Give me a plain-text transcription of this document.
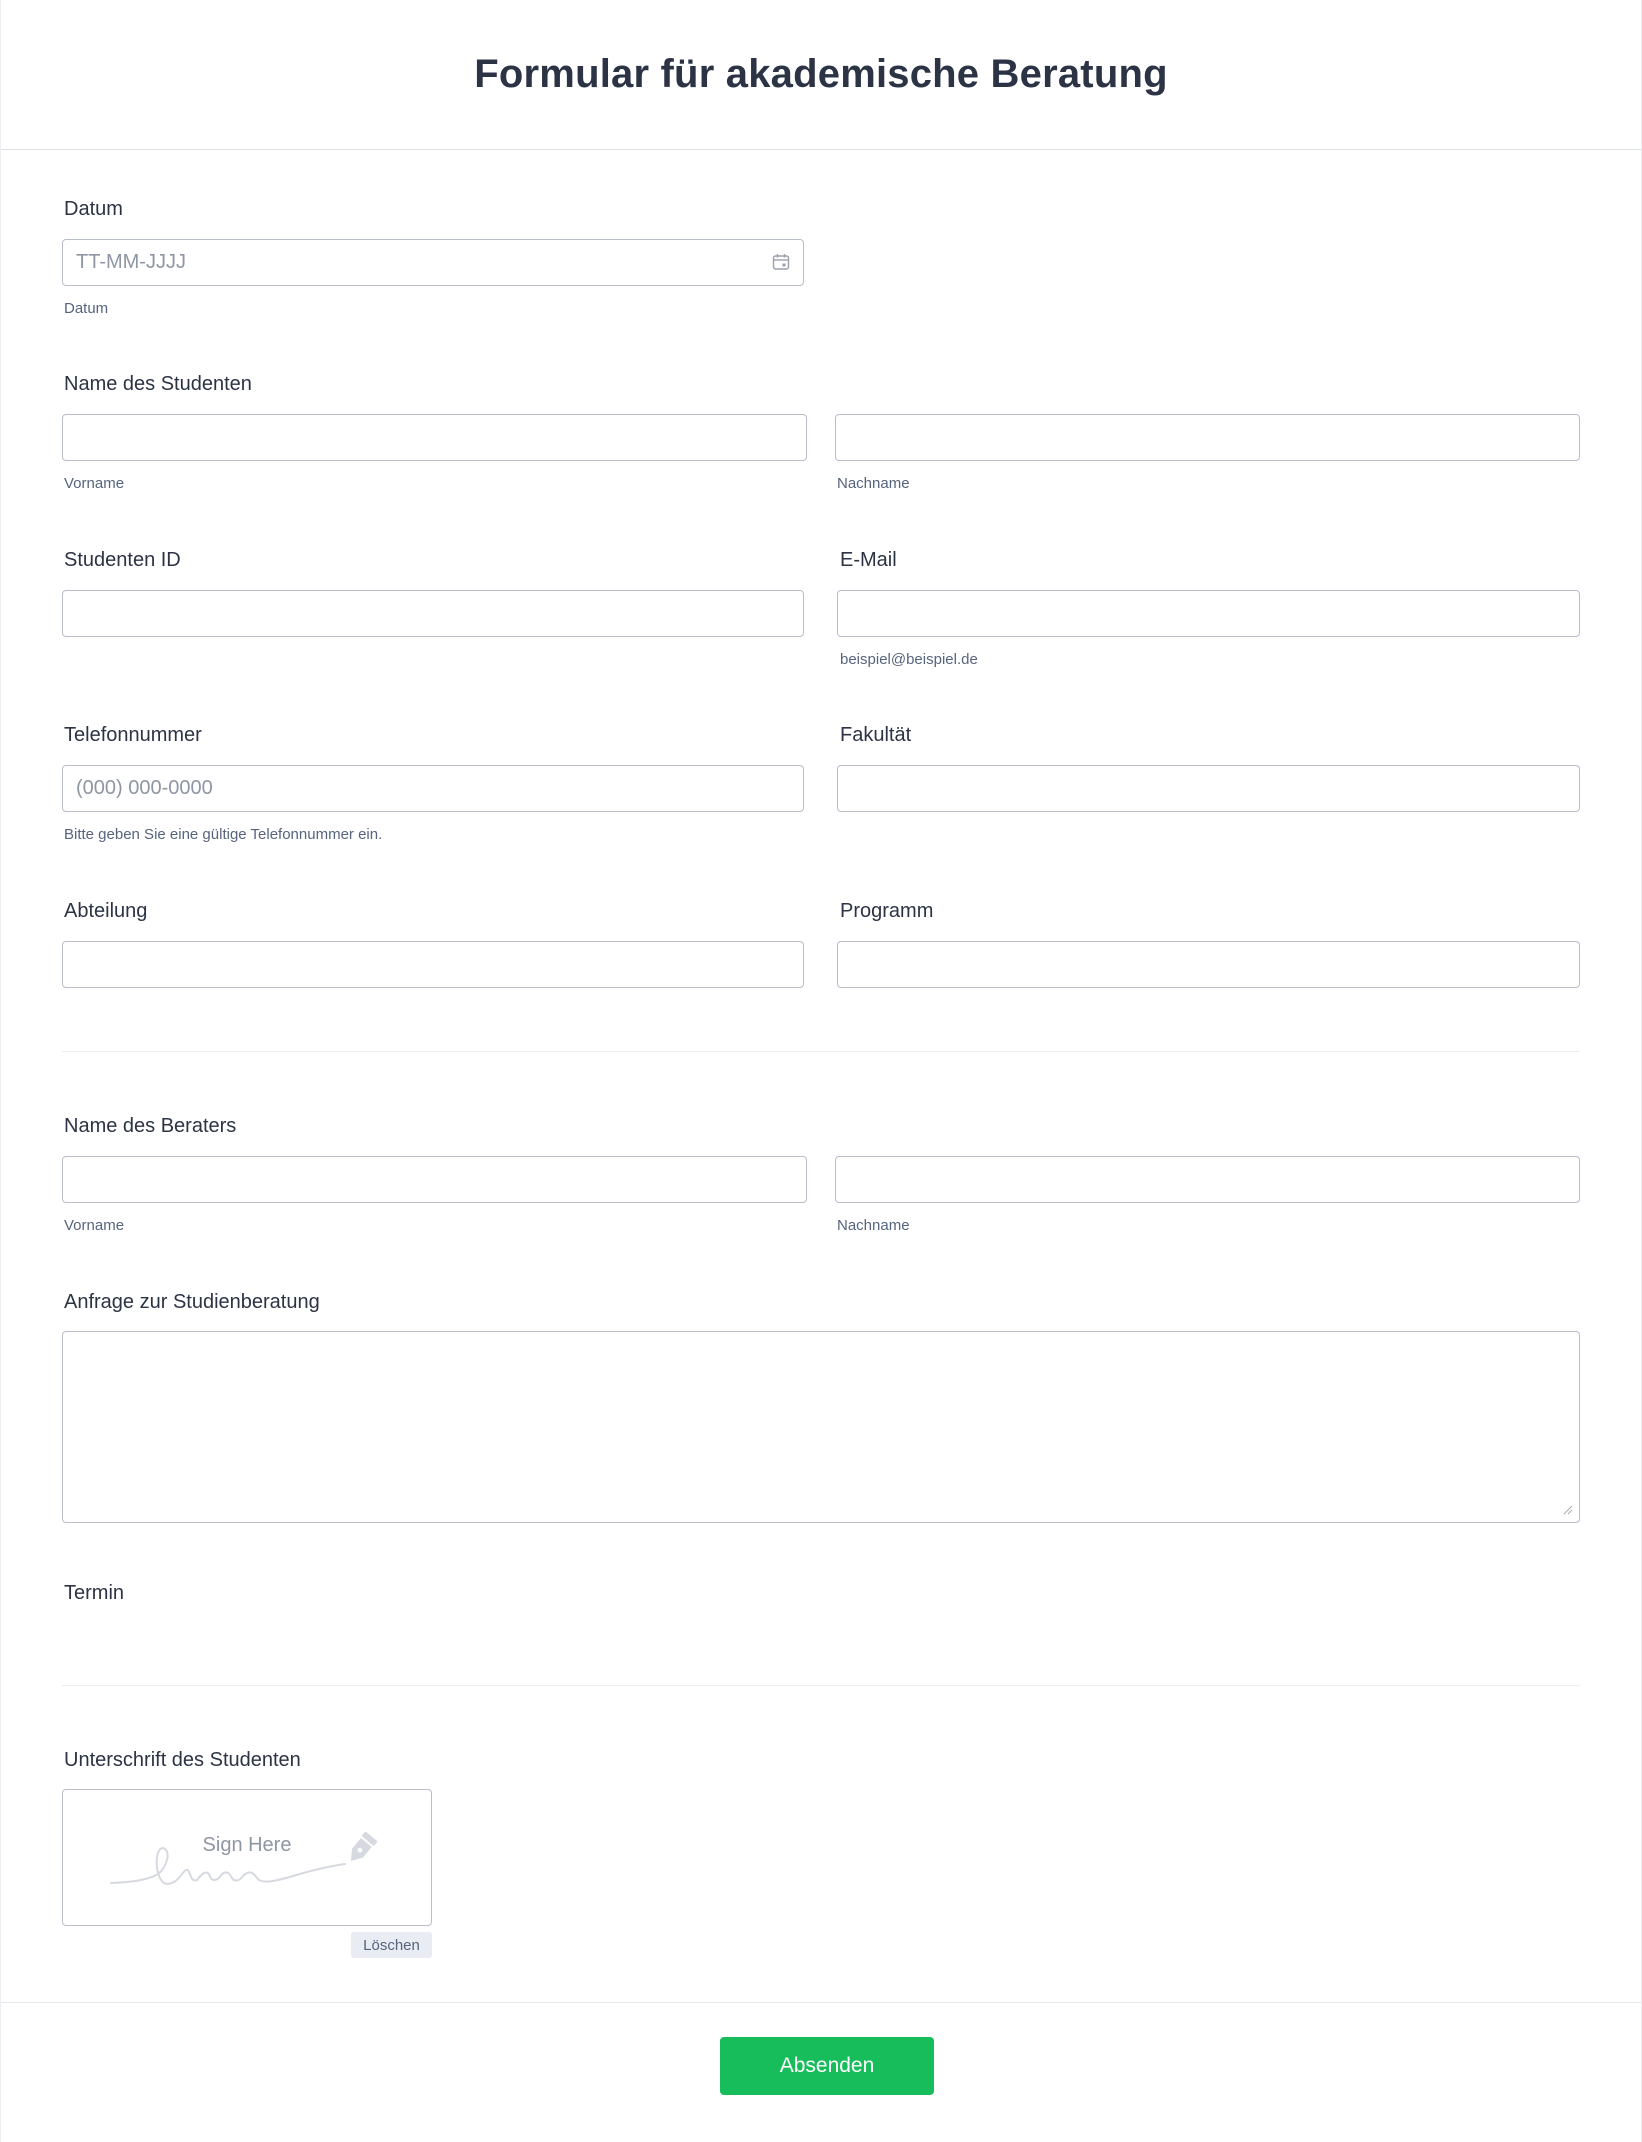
Formular für akademische Beratung
Datum
TT-MM-JJJJ
Datum
Name des Studenten
Vorname	Nachname
Studenten ID	E-Mail
beispiel@beispiel.de
Telefonnummer
(000) 000-0000
Bitte geben Sie eine gültige Telefonnummer ein.
Fakultät
Abteilung	Programm
Name des Beraters
Vorname	Nachname
Anfrage zur Studienberatung
Termin
Unterschrift des Studenten
Sign Here
Löschen
Absenden
